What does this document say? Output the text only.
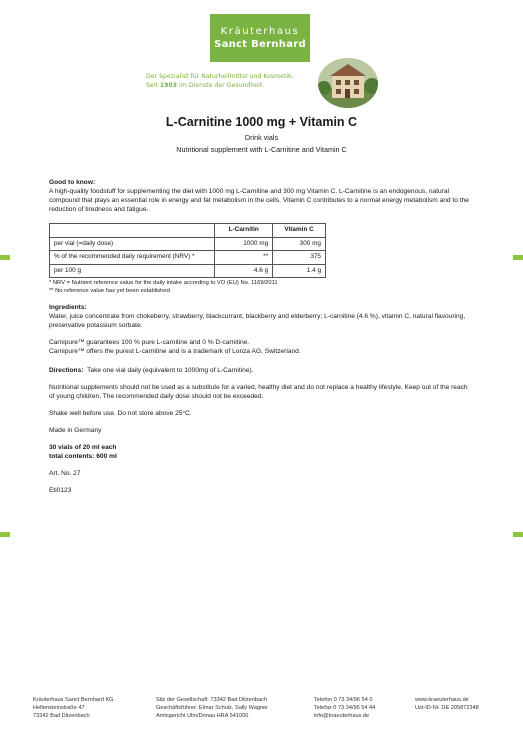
Kräuterhaus
Sanct Bernhard
Der Spezialist für Naturheilmittel und Kosmetik.
Seit 1903 im Dienste der Gesundheit.
L-Carnitine 1000 mg + Vitamin C
Drink vials
Nutritional supplement with L-Carnitine and Vitamin C

Good to know:

A high-quality foodstuff for supplementing the diet with 1000 mg L-Carnitine and 300 mg Vitamin C. L-Carnitine is an endogenous, natural compound that plays an essential role in energy and fat metabolism in the cells. Vitamin C contributes to a normal energy metabolism and to the reduction of tiredness and fatigue.

	L-Carnitin	Vitamin C
per vial (=daily dose)	1000 mg	300 mg
% of the recommended daily requirement (NRV) *	**	375
per 100 g	4.6 g	1.4 g
* NRV = Nutrient reference value for the daily intake according to VO (EU) No. 1169/2011
** No reference value has yet been established

Ingredients:

Water, juice concentrate from chokeberry, strawberry, blackcurrant, blackberry and elderberry; L-carnitine (4.6 %), vitamin C, natural flavouring, preservative potassium sorbate.

Carnipure™ guarantees 100 % pure L-carnitine and 0 % D-carnitine.

Carnipure™ offers the purest L-carnitine and is a trademark of Lonza AG, Switzerland.

Directions: Take one vial daily (equivalent to 1000mg of L-Carnitine).

Nutritional supplements should not be used as a substitute for a varied, healthy diet and do not replace a healthy lifestyle. Keep out of the reach of young children. The recommended daily dose should not be exceeded.

Shake well before use. Do not store above 25°C.

Made in Germany

30 vials of 20 ml each

total contents: 600 ml

Art. No. 27

Eti0123

Kräuterhaus Sanct Bernhard KG
Helfensteinstraße 47
73342 Bad Ditzenbach
Sitz der Gesellschaft: 73342 Bad Ditzenbach
Geschäftsführer: Elmar Schulz, Sally Wagner
Amtsgericht Ulm/Donau HRA 541000
Telefon 0 73 34/96 54 0
Telefax 0 73 34/96 54 44
info@kraeuterhaus.de
www.kraeuterhaus.de
Ust-ID-Nr. DE 205872348
